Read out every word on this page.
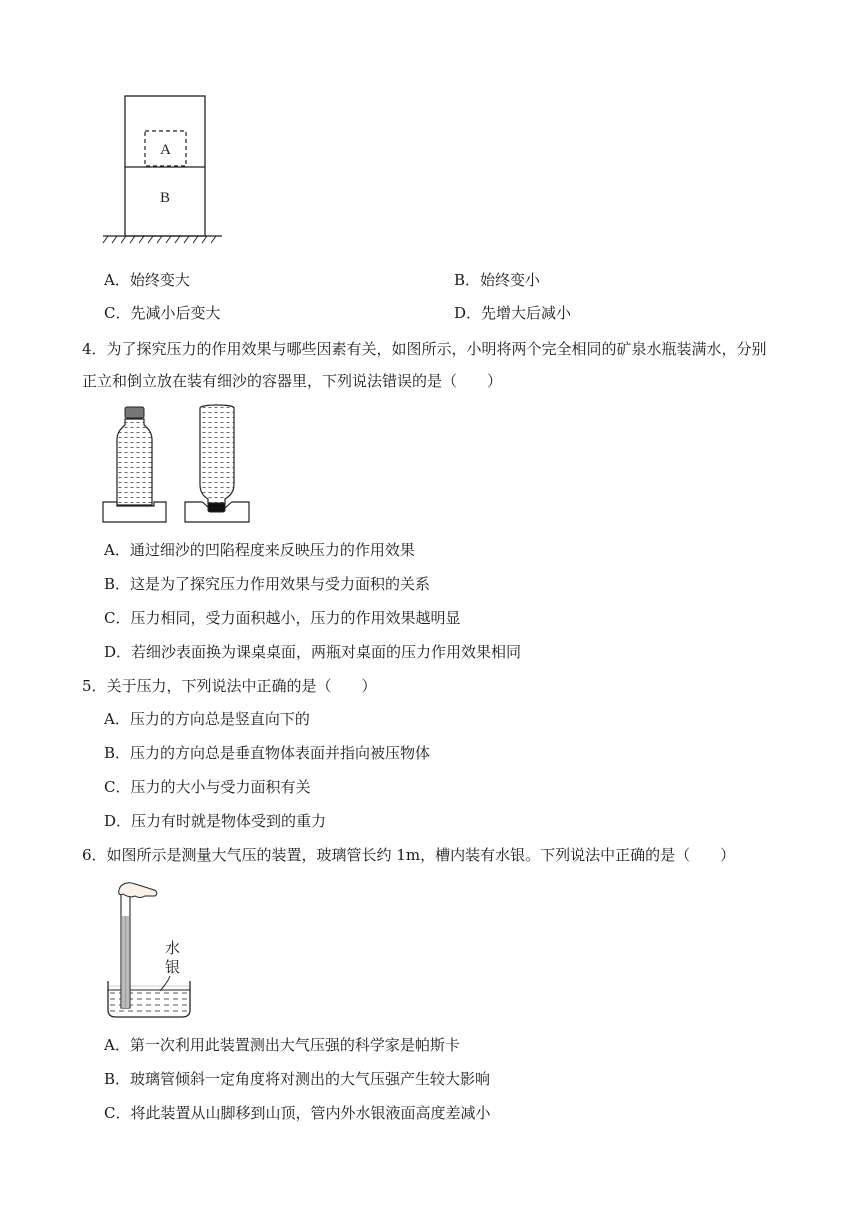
A
B
A．始终变大	B．始终变小
C．先减小后变大	D．先增大后减小
4．为了探究压力的作用效果与哪些因素有关，如图所示，小明将两个完全相同的矿泉水瓶装满水，分别
正立和倒立放在装有细沙的容器里，下列说法错误的是（　　）
A．通过细沙的凹陷程度来反映压力的作用效果
B．这是为了探究压力作用效果与受力面积的关系
C．压力相同，受力面积越小，压力的作用效果越明显
D．若细沙表面换为课桌桌面，两瓶对桌面的压力作用效果相同
5．关于压力，下列说法中正确的是（　　）
A．压力的方向总是竖直向下的
B．压力的方向总是垂直物体表面并指向被压物体
C．压力的大小与受力面积有关
D．压力有时就是物体受到的重力
6．如图所示是测量大气压的装置，玻璃管长约 1m，槽内装有水银。下列说法中正确的是（　　）
水
银
A．第一次利用此装置测出大气压强的科学家是帕斯卡
B．玻璃管倾斜一定角度将对测出的大气压强产生较大影响
C．将此装置从山脚移到山顶，管内外水银液面高度差减小
